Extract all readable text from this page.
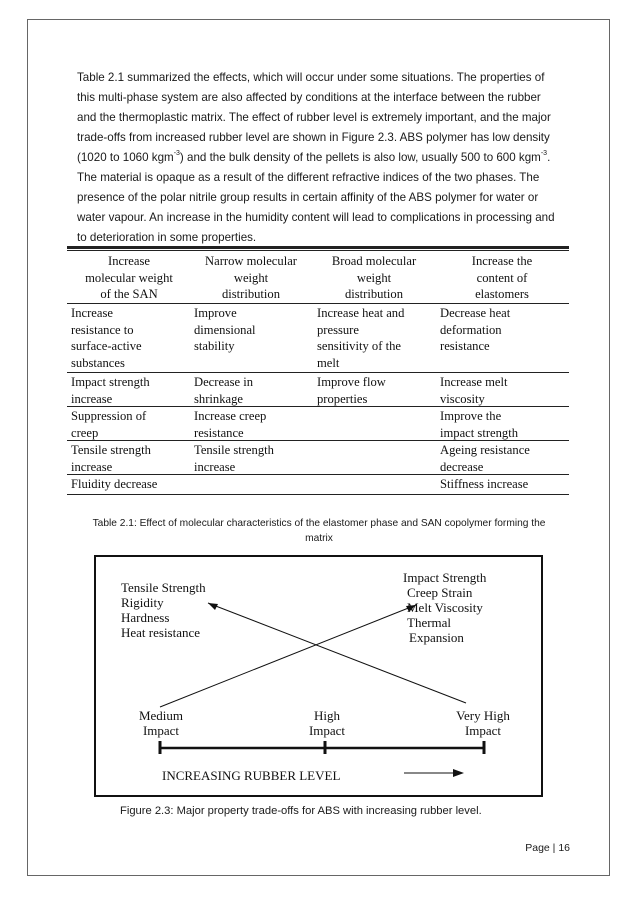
Table 2.1 summarized the effects, which will occur under some situations. The properties of this multi-phase system are also affected by conditions at the interface between the rubber and the thermoplastic matrix. The effect of rubber level is extremely important, and the major trade-offs from increased rubber level are shown in Figure 2.3. ABS polymer has low density (1020 to 1060 kgm$^{-3}$) and the bulk density of the pellets is also low, usually 500 to 600 kgm$^{-3}$. The material is opaque as a result of the different refractive indices of the two phases. The presence of the polar nitrile group results in certain affinity of the ABS polymer for water or water vapour. An increase in the humidity content will lead to complications in processing and to deterioration in some properties.
Increase
molecular weight
of the SAN
Narrow molecular
weight
distribution
Broad molecular
weight
distribution
Increase the
content of
elastomers
Increase
resistance to
surface-active
substances
Improve
dimensional
stability
Increase heat and
pressure
sensitivity of the
melt
Decrease heat
deformation
resistance
Impact strength
increase
Decrease in
shrinkage
Improve flow
properties
Increase melt
viscosity
Suppression of
creep
Increase creep
resistance
Improve the
impact strength
Tensile strength
increase
Tensile strength
increase
Ageing resistance
decrease
Fluidity decrease	Stiffness increase
Table 2.1: Effect of molecular characteristics of the elastomer phase and SAN copolymer forming the
matrix
Tensile Strength
Rigidity
Hardness
Heat resistance
Impact Strength
Creep Strain
Melt Viscosity
Thermal
Expansion
Medium
Impact
High
Impact
Very High
Impact
INCREASING RUBBER LEVEL
Figure 2.3: Major property trade-offs for ABS with increasing rubber level.
Page | 16
